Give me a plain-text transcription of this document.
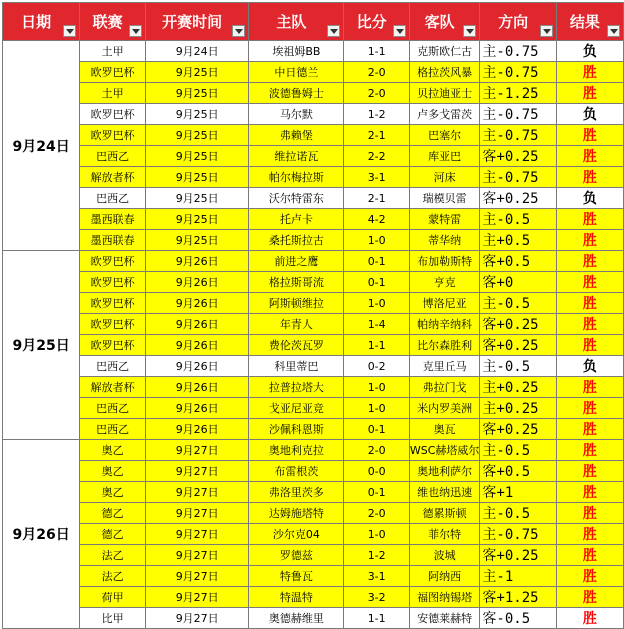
日期	联赛	开赛时间	主队	比分	客队	方向	结果

9月24日	土甲	9月24日	埃祖姆BB	1-1	克斯欧仁古	主-0.75	负
	欧罗巴杯	9月25日	中日德兰	2-0	格拉茨风暴	主-0.75	胜
	土甲	9月25日	波德鲁姆士	2-0	贝拉迪亚士	主-1.25	胜
	欧罗巴杯	9月25日	马尔默	1-2	卢多戈雷茨	主-0.75	负
	欧罗巴杯	9月25日	弗赖堡	2-1	巴塞尔	主-0.75	胜
	巴西乙	9月25日	维拉诺瓦	2-2	库亚巴	客+0.25	胜
	解放者杯	9月25日	帕尔梅拉斯	3-1	河床	主-0.75	胜
	巴西乙	9月25日	沃尔特雷东	2-1	瑞模贝雷	客+0.25	负
	墨西联春	9月25日	托卢卡	4-2	蒙特雷	主-0.5	胜
	墨西联春	9月25日	桑托斯拉古	1-0	蒂华纳	主+0.5	胜
9月25日	欧罗巴杯	9月26日	前进之鹰	0-1	布加勒斯特	客+0.5	胜
	欧罗巴杯	9月26日	格拉斯哥流	0-1	亨克	客+0	胜
	欧罗巴杯	9月26日	阿斯顿维拉	1-0	博洛尼亚	主-0.5	胜
	欧罗巴杯	9月26日	年青人	1-4	帕纳辛纳科	客+0.25	胜
	欧罗巴杯	9月26日	费伦茨瓦罗	1-1	比尔森胜利	客+0.25	胜
	巴西乙	9月26日	科里蒂巴	0-2	克里丘马	主-0.5	负
	解放者杯	9月26日	拉普拉塔大	1-0	弗拉门戈	主+0.25	胜
	巴西乙	9月26日	戈亚尼亚竞	1-0	米内罗美洲	主+0.25	胜
	巴西乙	9月26日	沙佩科恩斯	0-1	奥瓦	客+0.25	胜
9月26日	奥乙	9月27日	奥地利克拉	2-0	WSC赫塔威尔	主-0.5	胜
	奥乙	9月27日	布雷根茨	0-0	奥地利萨尔	客+0.5	胜
	奥乙	9月27日	弗洛里茨多	0-1	维也纳迅速	客+1	胜
	德乙	9月27日	达姆施塔特	2-0	德累斯顿	主-0.5	胜
	德乙	9月27日	沙尔克04	1-0	菲尔特	主-0.75	胜
	法乙	9月27日	罗德兹	1-2	波城	客+0.25	胜
	法乙	9月27日	特鲁瓦	3-1	阿纳西	主-1	胜
	荷甲	9月27日	特温特	3-2	福图纳锡塔	客+1.25	胜
	比甲	9月27日	奥德赫维里	1-1	安德莱赫特	客-0.5	胜
